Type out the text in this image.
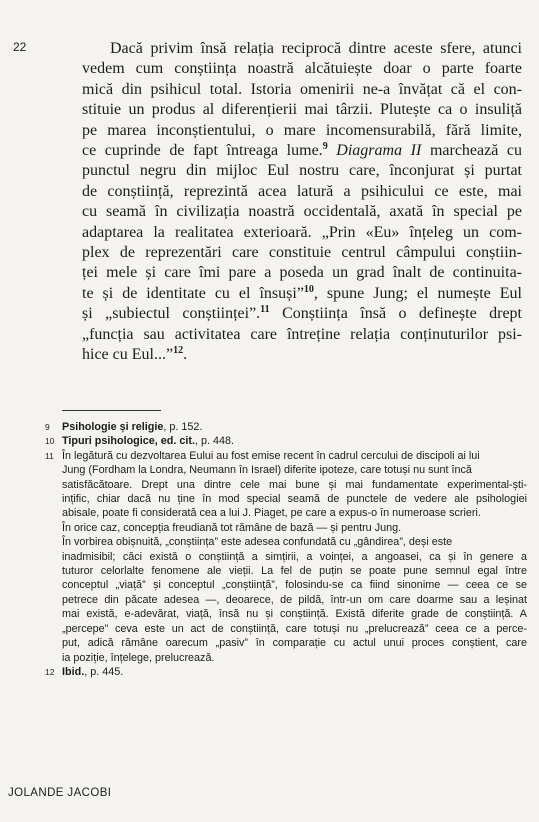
22	Dacă privim însă relația reciprocă dintre aceste sfere, atunci
vedem cum conștiința noastră alcătuiește doar o parte foarte
mică din psihicul total. Istoria omenirii ne-a învățat că el con-
stituie un produs al diferențierii mai târzii. Plutește ca o insuliță
pe marea inconștientului, o mare incomensurabilă, fără limite,
ce cuprinde de fapt întreaga lume.$^9$ Diagrama II marchează cu
punctul negru din mijloc Eul nostru care, înconjurat și purtat
de conștiință, reprezintă acea latură a psihicului ce este, mai
cu seamă în civilizația noastră occidentală, axată în special pe
adaptarea la realitatea exterioară. „Prin «Eu» înțeleg un com-
plex de reprezentări care constituie centrul câmpului conștiin-
ței mele și care îmi pare a poseda un grad înalt de continuita-
te și de identitate cu el însuși”$^{10}$, spune Jung; el numește Eul
și „subiectul conștiinței”.$^{11}$ Conștiința însă o definește drept
„funcția sau activitatea care întreține relația conținuturilor psi-
hice cu Eul...”$^{12}$.
9 Psihologie și religie, p. 152.
10 Tipuri psihologice, ed. cit., p. 448.
11 În legătură cu dezvoltarea Eului au fost emise recent în cadrul cercului de discipoli ai lui
Jung (Fordham la Londra, Neumann în Israel) diferite ipoteze, care totuși nu sunt încă
satisfăcătoare. Drept una dintre cele mai bune și mai fundamentate experimental-ști-
ințific, chiar dacă nu ține în mod special seamă de punctele de vedere ale psihologiei
abisale, poate fi considerată cea a lui J. Piaget, pe care a expus-o în numeroase scrieri.
În orice caz, concepția freudiană tot rămâne de bază — și pentru Jung.
În vorbirea obișnuită, „conștiința” este adesea confundată cu „gândirea”, deși este
inadmisibil; căci există o conștiință a simțirii, a voinței, a angoasei, ca și în genere a
tuturor celorlalte fenomene ale vieții. La fel de puțin se poate pune semnul egal între
conceptul „viață” și conceptul „conștiință”, folosindu-se ca fiind sinonime — ceea ce se
petrece din păcate adesea —, deoarece, de pildă, într-un om care doarme sau a leșinat
mai există, e-adevărat, viață, însă nu și conștiință. Există diferite grade de conștiință. A
„percepe” ceva este un act de conștiință, care totuși nu „prelucrează” ceea ce a perce-
put, adică rămâne oarecum „pasiv” în comparație cu actul unui proces conștient, care
ia poziție, înțelege, prelucrează.
12 Ibid., p. 445.
JOLANDE JACOBI
